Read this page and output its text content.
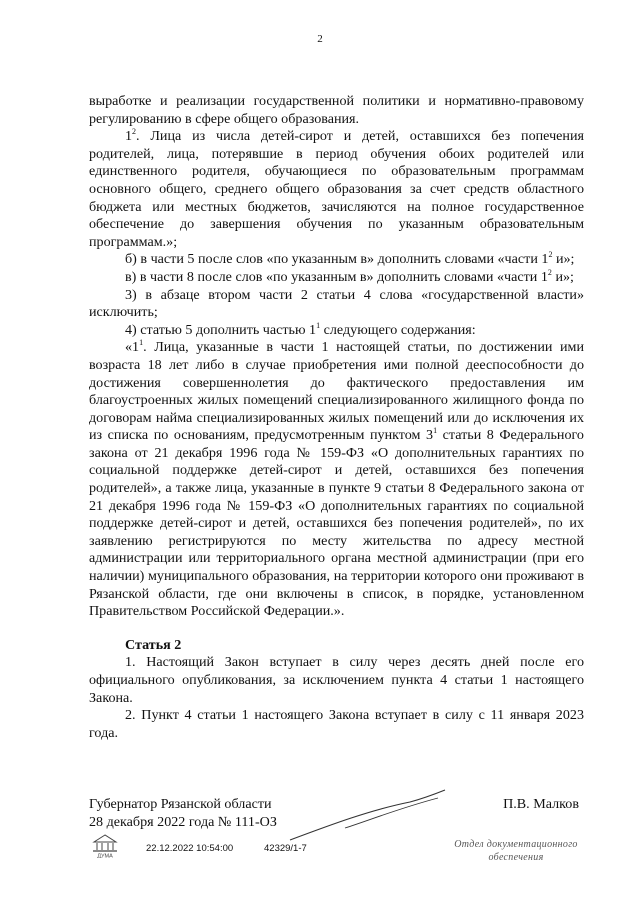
2

выработке и реализации государственной политики и нормативно-правовому регулированию в сфере общего образования.

$1^2$. Лица из числа детей-сирот и детей, оставшихся без попечения родителей, лица, потерявшие в период обучения обоих родителей или единственного родителя, обучающиеся по образовательным программам основного общего, среднего общего образования за счет средств областного бюджета или местных бюджетов, зачисляются на полное государственное обеспечение до завершения обучения по указанным образовательным программам.»;

б) в части 5 после слов «по указанным в» дополнить словами «части $1^2$ и»;

в) в части 8 после слов «по указанным в» дополнить словами «части $1^2$ и»;

3) в абзаце втором части 2 статьи 4 слова «государственной власти» исключить;

4) статью 5 дополнить частью $1^1$ следующего содержания:

«$1^1$. Лица, указанные в части 1 настоящей статьи, по достижении ими возраста 18 лет либо в случае приобретения ими полной дееспособности до достижения совершеннолетия до фактического предоставления им благоустроенных жилых помещений специализированного жилищного фонда по договорам найма специализированных жилых помещений или до исключения их из списка по основаниям, предусмотренным пунктом $3^1$ статьи 8 Федерального закона от 21 декабря 1996 года № 159-ФЗ «О дополнительных гарантиях по социальной поддержке детей-сирот и детей, оставшихся без попечения родителей», а также лица, указанные в пункте 9 статьи 8 Федерального закона от 21 декабря 1996 года № 159-ФЗ «О дополнительных гарантиях по социальной поддержке детей-сирот и детей, оставшихся без попечения родителей», по их заявлению регистрируются по месту жительства по адресу местной администрации или территориального органа местной администрации (при его наличии) муниципального образования, на территории которого они проживают в Рязанской области, где они включены в список, в порядке, установленном Правительством Российской Федерации.».

Статья 2

1. Настоящий Закон вступает в силу через десять дней после его официального опубликования, за исключением пункта 4 статьи 1 настоящего Закона.

2. Пункт 4 статьи 1 настоящего Закона вступает в силу с 11 января 2023 года.

Губернатор Рязанской области
28 декабря 2022 года № 111-ОЗ
П.В. Малков
ДУМА
22.12.2022 10:54:00	42329/1-7	Отдел документационного
обеспечения
